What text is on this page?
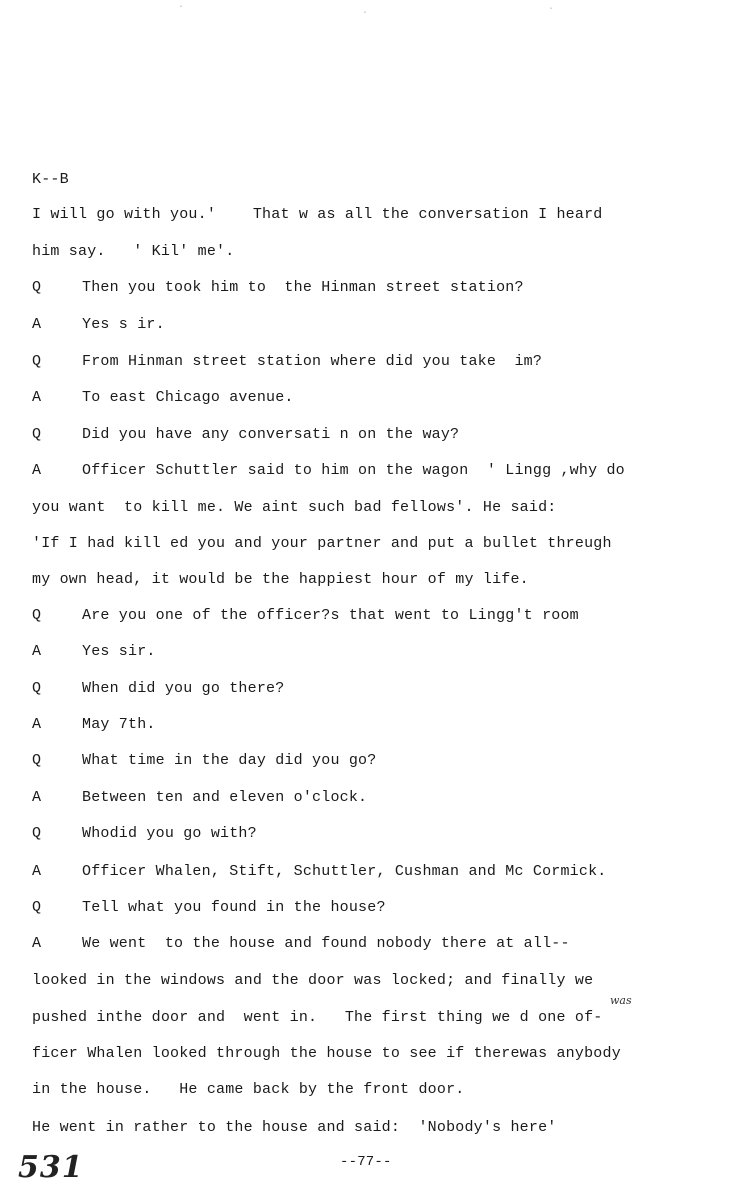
·
·	·
K--B
I will go with you.'    That w as all the conversation I heard
him say.   ' Kil' me'.
Q	Then you took him to  the Hinman street station?
A	Yes s ir.
Q	From Hinman street station where did you take  im?
A	To east Chicago avenue.
Q	Did you have any conversati n on the way?
A	Officer Schuttler said to him on the wagon  ' Lingg ,why do
you want  to kill me. We aint such bad fellows'. He said:
'If I had kill ed you and your partner and put a bullet threugh
my own head, it would be the happiest hour of my life.
Q	Are you one of the officer?s that went to Lingg't room
A	Yes sir.
Q	When did you go there?
A	May 7th.
Q	What time in the day did you go?
A	Between ten and eleven o'clock.
Q	Whodid you go with?
A	Officer Whalen, Stift, Schuttler, Cushman and Mc Cormick.
Q	Tell what you found in the house?
A	We went  to the house and found nobody there at all--
looked in the windows and the door was locked; and finally we
pushed inthe door and  went in.   The first thing we d one of-
ficer Whalen looked through the house to see if therewas anybody
in the house.   He came back by the front door.
He went in rather to the house and said:  'Nobody's here'
was
531	--77--
